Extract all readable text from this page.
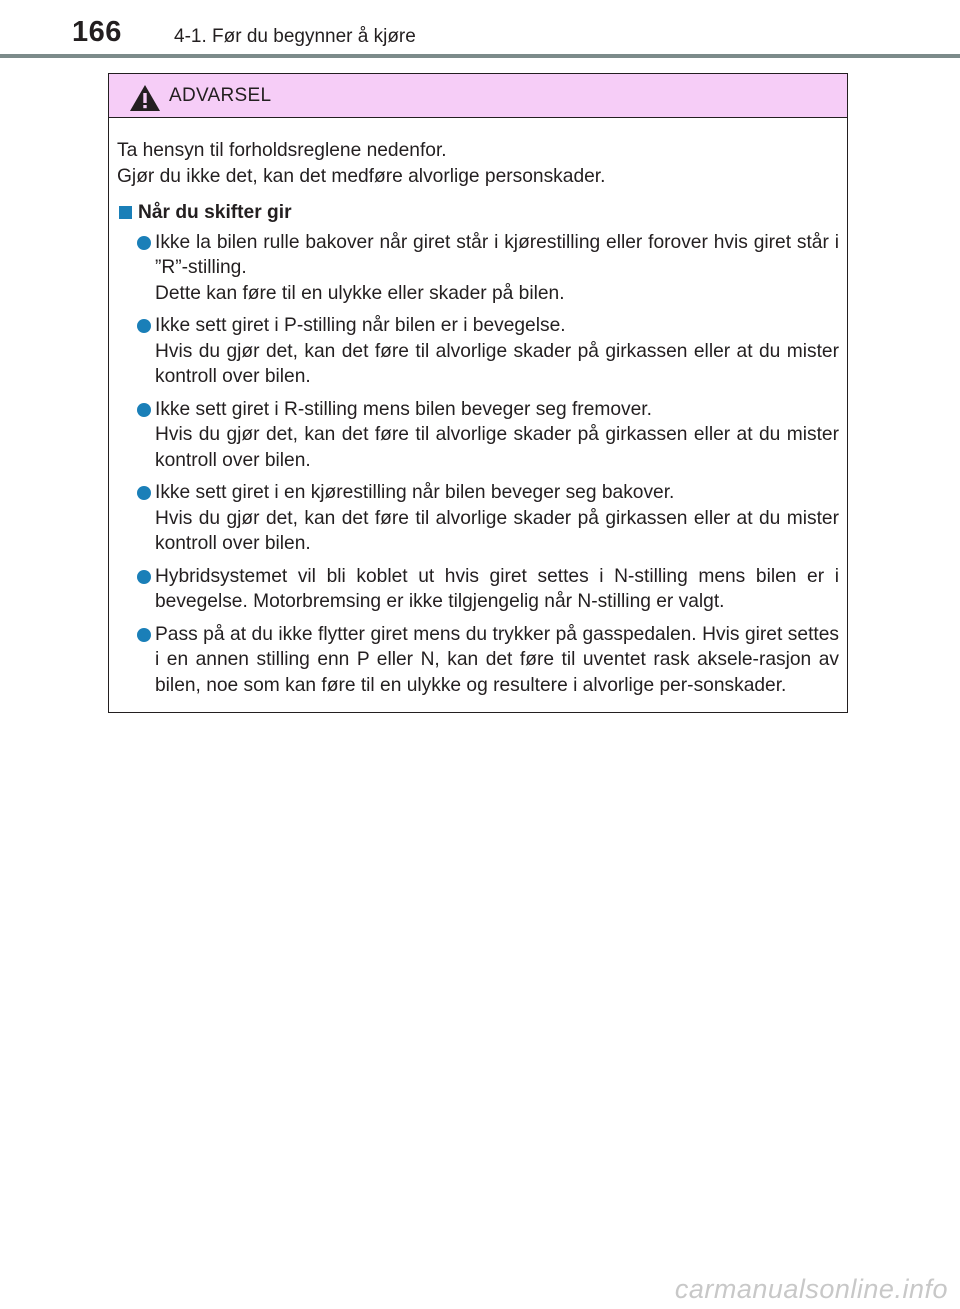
166	4-1. Før du begynner å kjøre
ADVARSEL

Ta hensyn til forholdsreglene nedenfor.

Gjør du ikke det, kan det medføre alvorlige personskader.

Når du skifter gir

Ikke la bilen rulle bakover når giret står i kjørestilling eller forover hvis giret står i ”R”-stilling.

Dette kan føre til en ulykke eller skader på bilen.

Ikke sett giret i P-stilling når bilen er i bevegelse.

Hvis du gjør det, kan det føre til alvorlige skader på girkassen eller at du mister kontroll over bilen.

Ikke sett giret i R-stilling mens bilen beveger seg fremover.

Hvis du gjør det, kan det føre til alvorlige skader på girkassen eller at du mister kontroll over bilen.

Ikke sett giret i en kjørestilling når bilen beveger seg bakover.

Hvis du gjør det, kan det føre til alvorlige skader på girkassen eller at du mister kontroll over bilen.

Hybridsystemet vil bli koblet ut hvis giret settes i N-stilling mens bilen er i bevegelse. Motorbremsing er ikke tilgjengelig når N-stilling er valgt.

Pass på at du ikke flytter giret mens du trykker på gasspedalen. Hvis giret settes i en annen stilling enn P eller N, kan det føre til uventet rask aksele-rasjon av bilen, noe som kan føre til en ulykke og resultere i alvorlige per-sonskader.

carmanualsonline.info
